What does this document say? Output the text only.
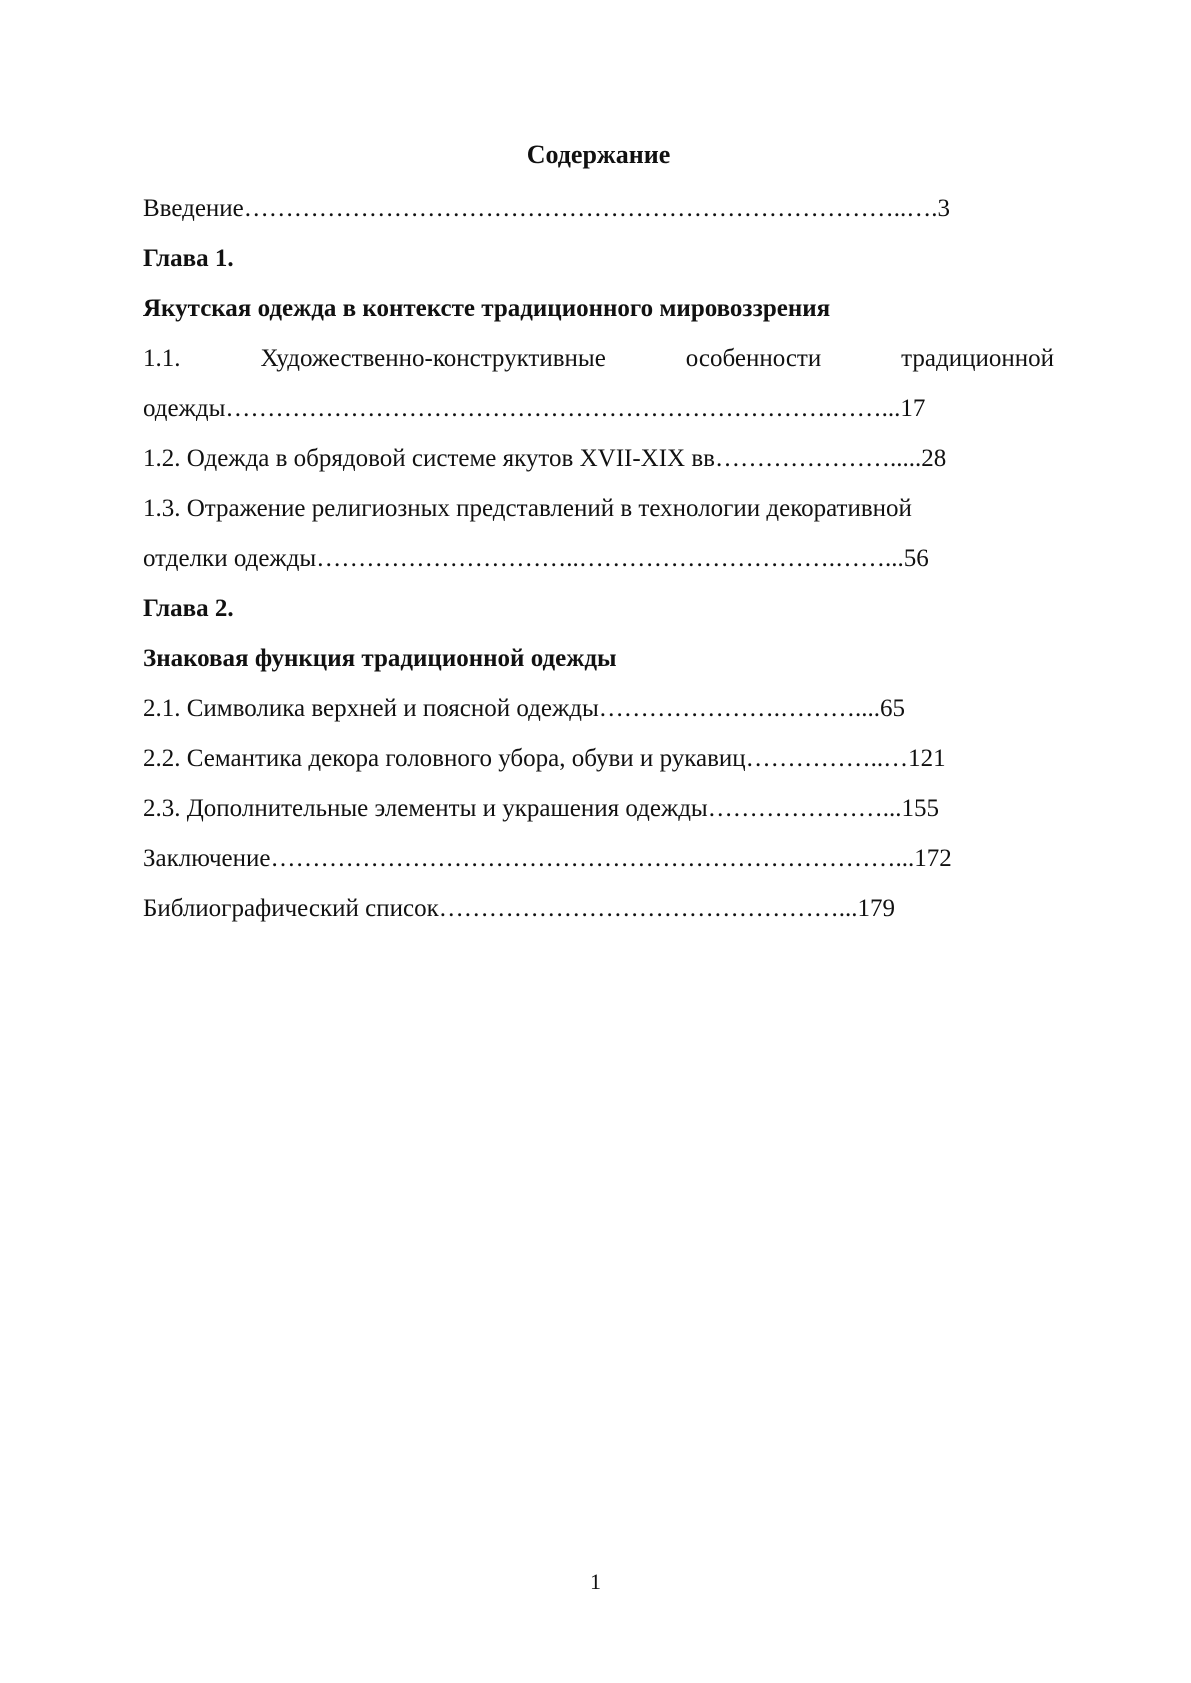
Содержание
Введение……………………………………………………………………..….3
Глава 1.
Якутская одежда в контексте традиционного мировоззрения
1.1.	Художественно-конструктивные	особенности	традиционной
одежды……………………………………………………………….……...17
1.2. Одежда в обрядовой системе якутов XVII-XIX вв………………….....28
1.3. Отражение религиозных представлений в технологии декоративной
отделки одежды…………………………..………………………….……...56
Глава 2.
Знаковая функция традиционной одежды
2.1. Символика верхней и поясной одежды………………….………....65
2.2. Семантика декора головного убора, обуви и рукавиц……………..…121
2.3. Дополнительные элементы и украшения одежды…………………...155
Заключение…………………………………………………………………...172
Библиографический список…………………………………………...179
1
